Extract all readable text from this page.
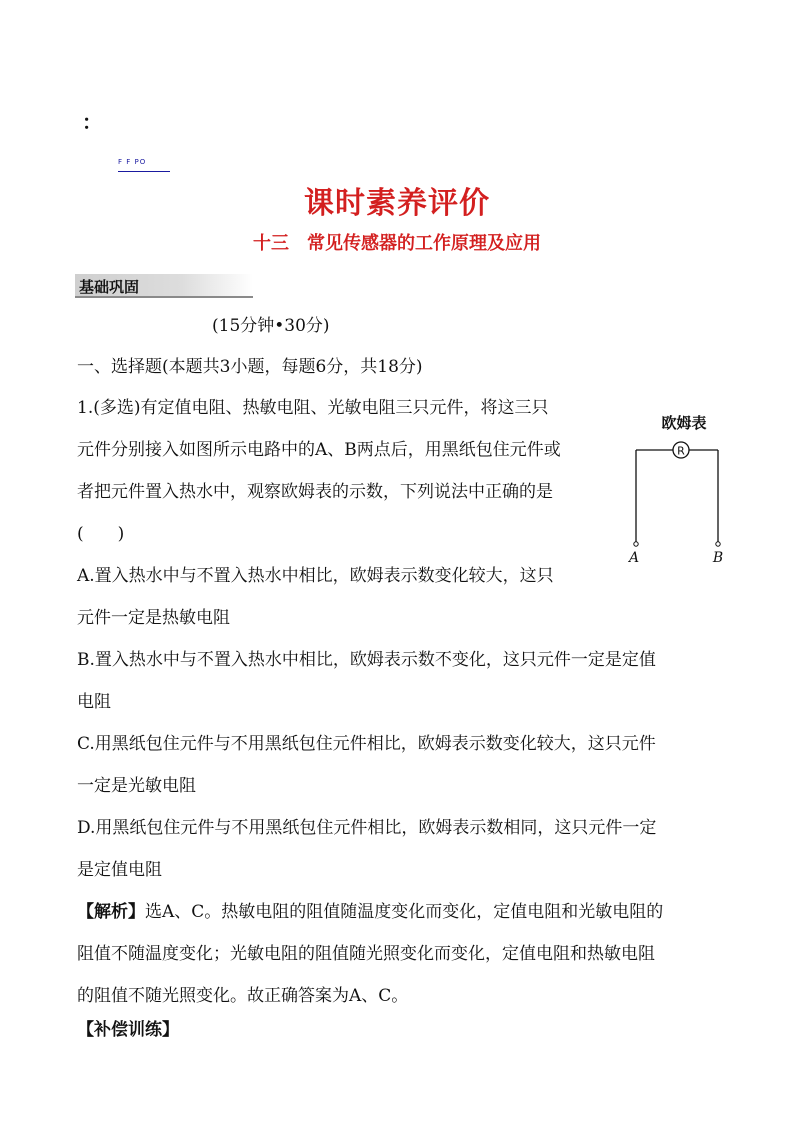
：
F F PO
课时素养评价
十三　常见传感器的工作原理及应用
基础巩固
(15分钟•30分)
一、选择题(本题共3小题，每题6分，共18分)
1.(多选)有定值电阻、热敏电阻、光敏电阻三只元件，将这三只
元件分别接入如图所示电路中的A、B两点后，用黑纸包住元件或
者把元件置入热水中，观察欧姆表的示数，下列说法中正确的是
(　　)
A.置入热水中与不置入热水中相比，欧姆表示数变化较大，这只
元件一定是热敏电阻
B.置入热水中与不置入热水中相比，欧姆表示数不变化，这只元件一定是定值
电阻
C.用黑纸包住元件与不用黑纸包住元件相比，欧姆表示数变化较大，这只元件
一定是光敏电阻
D.用黑纸包住元件与不用黑纸包住元件相比，欧姆表示数相同，这只元件一定
是定值电阻
【解析】选A、C。热敏电阻的阻值随温度变化而变化，定值电阻和光敏电阻的
阻值不随温度变化；光敏电阻的阻值随光照变化而变化，定值电阻和热敏电阻
的阻值不随光照变化。故正确答案为A、C。
【补偿训练】
欧姆表
R
A	B
